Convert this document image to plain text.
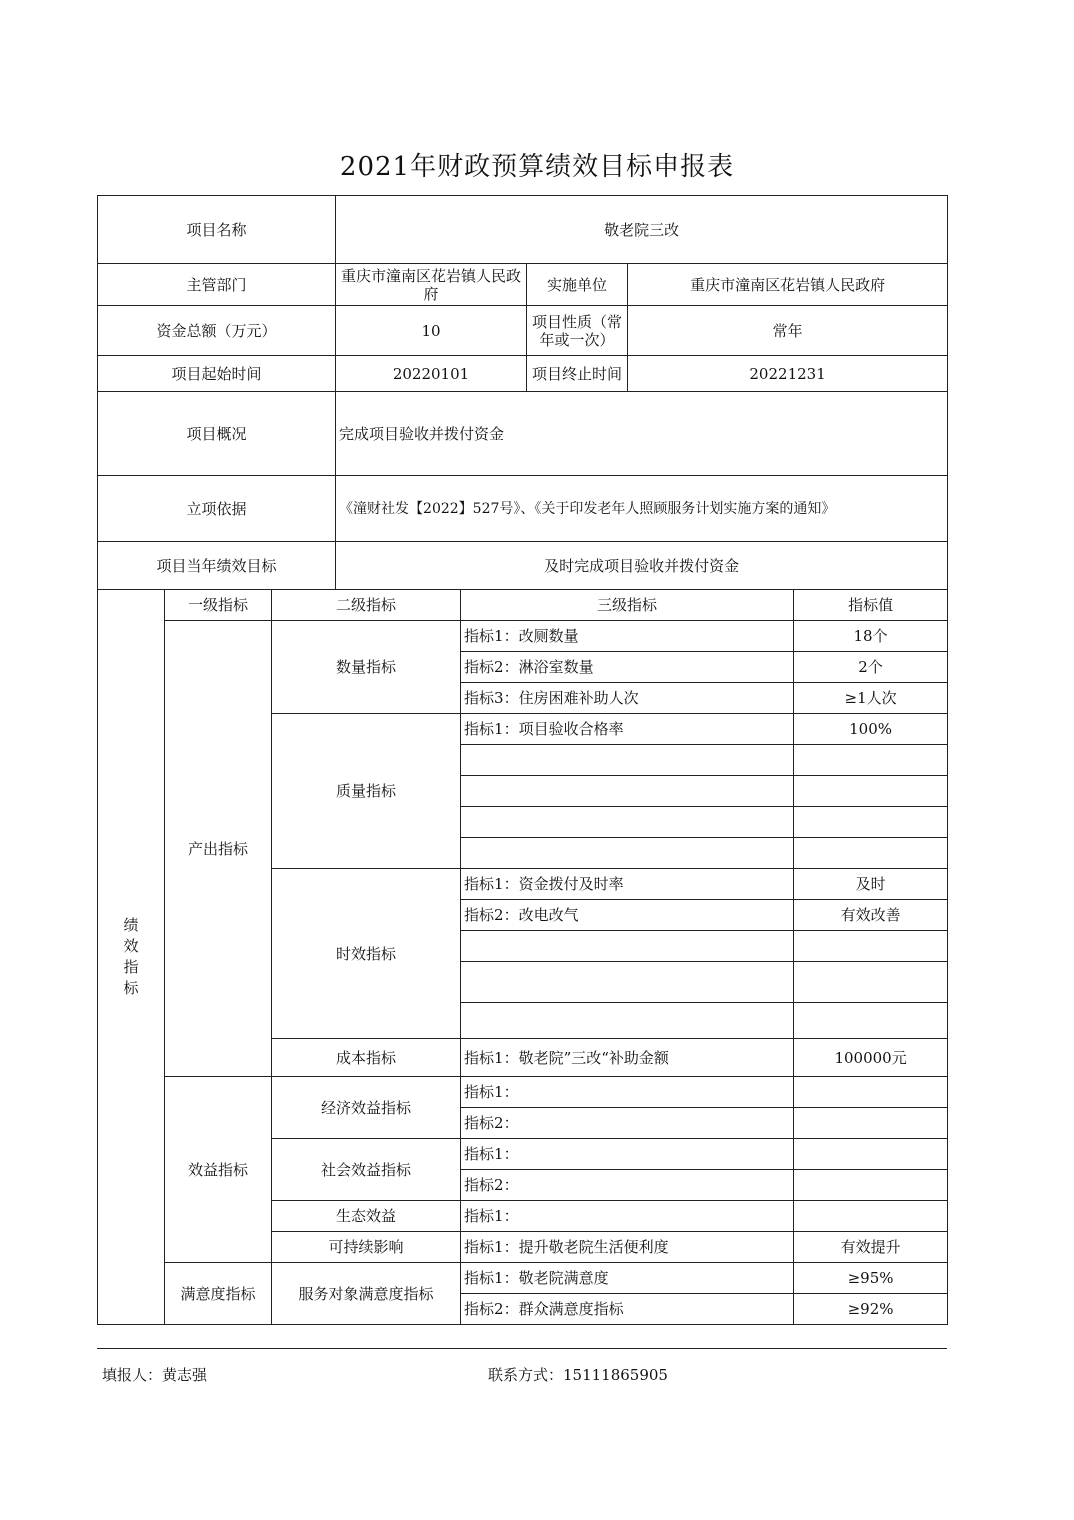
2021年财政预算绩效目标申报表
项目名称			敬老院三改				
主管部门			重庆市潼南区花岩镇人民政府		实施单位	重庆市潼南区花岩镇人民政府	
资金总额（万元）			10		项目性质（常年或一次）	常年	
项目起始时间			20220101		项目终止时间	20221231	
项目概况			完成项目验收并拨付资金				
立项依据			《潼财社发【2022】527号》、《关于印发老年人照顾服务计划实施方案的通知》				
项目当年绩效目标			及时完成项目验收并拨付资金				

绩
效
指
标	一级指标	二级指标		三级指标			指标值
	产出指标	数量指标		指标1：改厕数量			18个
				指标2：淋浴室数量			2个
				指标3：住房困难补助人次			≥1人次
		质量指标		指标1：项目验收合格率			100%

		时效指标		指标1：资金拨付及时率			及时
				指标2：改电改气			有效改善

		成本指标		指标1：敬老院”三改“补助金额			100000元
	效益指标	经济效益指标		指标1：			
				指标2：			
		社会效益指标		指标1：			
				指标2：			
		生态效益		指标1：			
		可持续影响		指标1：提升敬老院生活便利度			有效提升
	满意度指标	服务对象满意度指标		指标1：敬老院满意度			≥95%
				指标2：群众满意度指标			≥92%
填报人：黄志强	联系方式：15111865905
